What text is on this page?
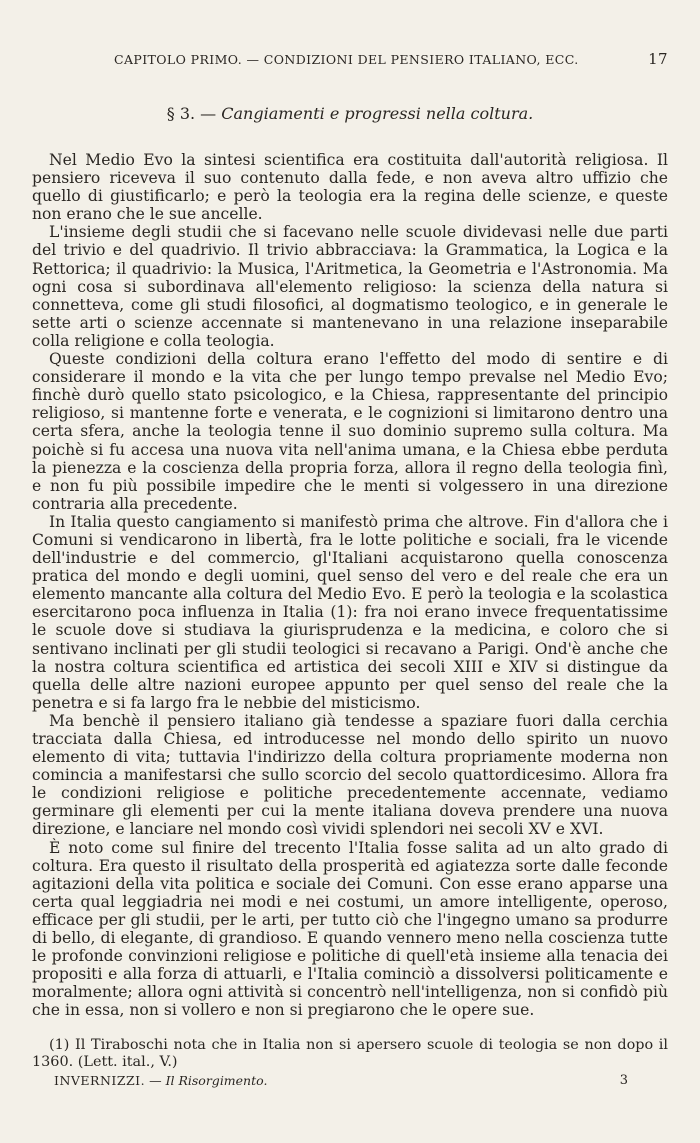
CAPITOLO PRIMO. — CONDIZIONI DEL PENSIERO ITALIANO, ECC.	17
§ 3. — Cangiamenti e progressi nella coltura.

Nel Medio Evo la sintesi scientifica era costituita dall'autorità religiosa. Il pensiero riceveva il suo contenuto dalla fede, e non aveva altro uffizio che quello di giustificarlo; e però la teologia era la regina delle scienze, e queste non erano che le sue ancelle.

L'insieme degli studii che si facevano nelle scuole dividevasi nelle due parti del trivio e del quadrivio. Il trivio abbracciava: la Grammatica, la Logica e la Rettorica; il quadrivio: la Musica, l'Aritmetica, la Geometria e l'Astronomia. Ma ogni cosa si subordinava all'elemento religioso: la scienza della natura si connetteva, come gli studi filosofici, al dogmatismo teologico, e in generale le sette arti o scienze accennate si mantenevano in una relazione inseparabile colla religione e colla teologia.

Queste condizioni della coltura erano l'effetto del modo di sentire e di considerare il mondo e la vita che per lungo tempo prevalse nel Medio Evo; finchè durò quello stato psicologico, e la Chiesa, rappresentante del principio religioso, si mantenne forte e venerata, e le cognizioni si limitarono dentro una certa sfera, anche la teologia tenne il suo dominio supremo sulla coltura. Ma poichè si fu accesa una nuova vita nell'anima umana, e la Chiesa ebbe perduta la pienezza e la coscienza della propria forza, allora il regno della teologia finì, e non fu più possibile impedire che le menti si volgessero in una direzione contraria alla precedente.

In Italia questo cangiamento si manifestò prima che altrove. Fin d'allora che i Comuni si vendicarono in libertà, fra le lotte politiche e sociali, fra le vicende dell'industrie e del commercio, gl'Italiani acquistarono quella conoscenza pratica del mondo e degli uomini, quel senso del vero e del reale che era un elemento mancante alla coltura del Medio Evo. E però la teologia e la scolastica esercitarono poca influenza in Italia (1): fra noi erano invece frequentatissime le scuole dove si studiava la giurisprudenza e la medicina, e coloro che si sentivano inclinati per gli studii teologici si recavano a Parigi. Ond'è anche che la nostra coltura scientifica ed artistica dei secoli XIII e XIV si distingue da quella delle altre nazioni europee appunto per quel senso del reale che la penetra e si fa largo fra le nebbie del misticismo.

Ma benchè il pensiero italiano già tendesse a spaziare fuori dalla cerchia tracciata dalla Chiesa, ed introducesse nel mondo dello spirito un nuovo elemento di vita; tuttavia l'indirizzo della coltura propriamente moderna non comincia a manifestarsi che sullo scorcio del secolo quattordicesimo. Allora fra le condizioni religiose e politiche precedentemente accennate, vediamo germinare gli elementi per cui la mente italiana doveva prendere una nuova direzione, e lanciare nel mondo così vividi splendori nei secoli XV e XVI.

È noto come sul finire del trecento l'Italia fosse salita ad un alto grado di coltura. Era questo il risultato della prosperità ed agiatezza sorte dalle feconde agitazioni della vita politica e sociale dei Comuni. Con esse erano apparse una certa qual leggiadria nei modi e nei costumi, un amore intelligente, operoso, efficace per gli studii, per le arti, per tutto ciò che l'ingegno umano sa produrre di bello, di elegante, di grandioso. E quando vennero meno nella coscienza tutte le profonde convinzioni religiose e politiche di quell'età insieme alla tenacia dei propositi e alla forza di attuarli, e l'Italia cominciò a dissolversi politicamente e moralmente; allora ogni attività si concentrò nell'intelligenza, non si confidò più che in essa, non si vollero e non si pregiarono che le opere sue.

(1) Il Tiraboschi nota che in Italia non si apersero scuole di teologia se non dopo il 1360. (Lett. ital., V.)

INVERNIZZI. — Il Risorgimento.	3
